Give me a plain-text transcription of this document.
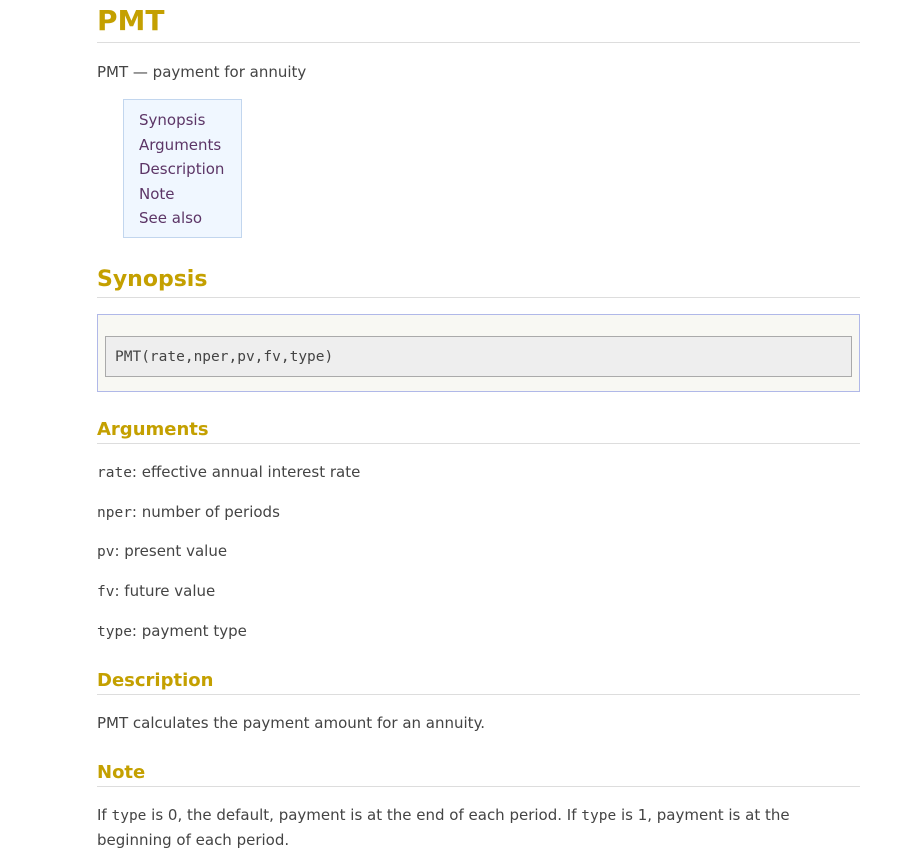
PMT

PMT — payment for annuity

Synopsis
Arguments
Description
Note
See also
Synopsis
PMT(rate,nper,pv,fv,type)
Arguments

rate: effective annual interest rate

nper: number of periods

pv: present value

fv: future value

type: payment type

Description

PMT calculates the payment amount for an annuity.

Note

If type is 0, the default, payment is at the end of each period. If type is 1, payment is at the beginning of each period.
